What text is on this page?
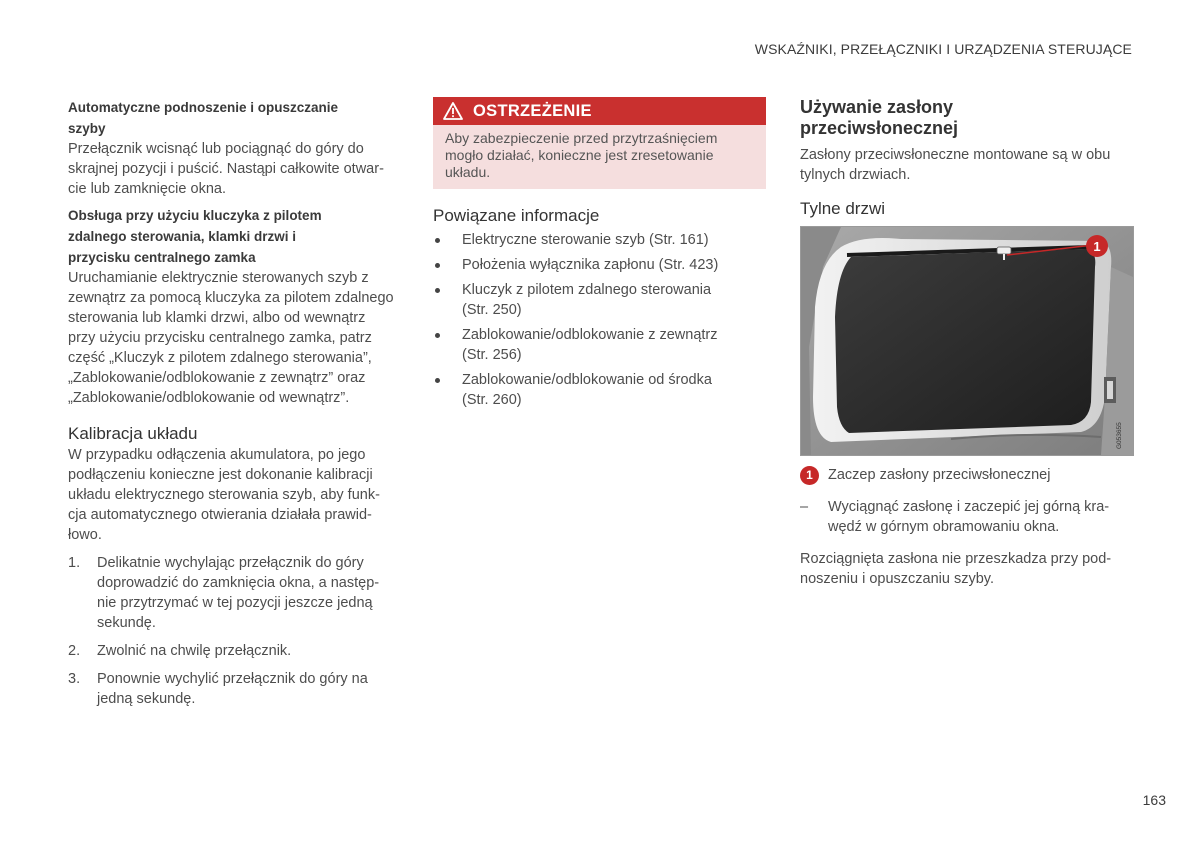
WSKAŹNIKI, PRZEŁĄCZNIKI I URZĄDZENIA STERUJĄCE

Automatyczne podnoszenie i opuszczanie
szyby

Przełącznik wcisnąć lub pociągnąć do góry do
skrajnej pozycji i puścić. Nastąpi całkowite otwar-
cie lub zamknięcie okna.

Obsługa przy użyciu kluczyka z pilotem
zdalnego sterowania, klamki drzwi i
przycisku centralnego zamka

Uruchamianie elektrycznie sterowanych szyb z
zewnątrz za pomocą kluczyka za pilotem zdalnego
sterowania lub klamki drzwi, albo od wewnątrz
przy użyciu przycisku centralnego zamka, patrz
część „Kluczyk z pilotem zdalnego sterowania”,
„Zablokowanie/odblokowanie z zewnątrz” oraz
„Zablokowanie/odblokowanie od wewnątrz”.

Kalibracja układu

W przypadku odłączenia akumulatora, po jego
podłączeniu konieczne jest dokonanie kalibracji
układu elektrycznego sterowania szyb, aby funk-
cja automatycznego otwierania działała prawid-
łowo.

1. Delikatnie wychylając przełącznik do góry
doprowadzić do zamknięcia okna, a następ-
nie przytrzymać w tej pozycji jeszcze jedną
sekundę.
2. Zwolnić na chwilę przełącznik.
3. Ponownie wychylić przełącznik do góry na
jedną sekundę.
OSTRZEŻENIE
Aby zabezpieczenie przed przytrzaśnięciem
mogło działać, konieczne jest zresetowanie
układu.

Powiązane informacje

Elektryczne sterowanie szyb (Str. 161)
Położenia wyłącznika zapłonu (Str. 423)
Kluczyk z pilotem zdalnego sterowania
(Str. 250)
Zablokowanie/odblokowanie z zewnątrz
(Str. 256)
Zablokowanie/odblokowanie od środka
(Str. 260)

Używanie zasłony
przeciwsłonecznej

Zasłony przeciwsłoneczne montowane są w obu
tylnych drzwiach.

Tylne drzwi

1
G053655
1	Zaczep zasłony przeciwsłonecznej
– Wyciągnąć zasłonę i zaczepić jej górną kra-
wędź w górnym obramowaniu okna.

Rozciągnięta zasłona nie przeszkadza przy pod-
noszeniu i opuszczaniu szyby.

163
